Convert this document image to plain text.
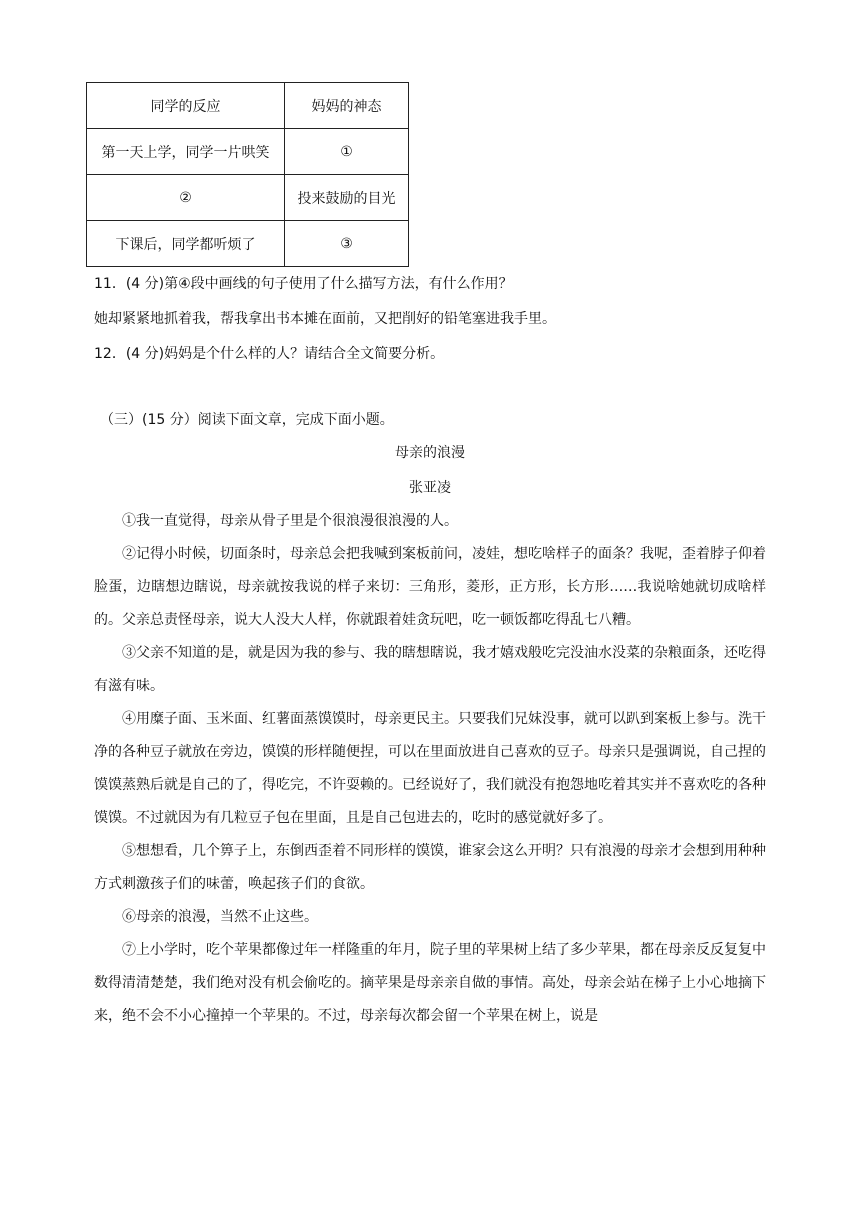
同学的反应	妈妈的神态
第一天上学，同学一片哄笑	①
②	投来鼓励的目光
下课后，同学都听烦了	③
11．(4 分)第④段中画线的句子使用了什么描写方法，有什么作用？
她却紧紧地抓着我，帮我拿出书本摊在面前，又把削好的铅笔塞进我手里。
12．(4 分)妈妈是个什么样的人？请结合全文简要分析。
（三）(15 分）阅读下面文章，完成下面小题。
母亲的浪漫
张亚凌

①我一直觉得，母亲从骨子里是个很浪漫很浪漫的人。

②记得小时候，切面条时，母亲总会把我喊到案板前问，凌娃，想吃啥样子的面条？我呢，歪着脖子仰着脸蛋，边瞎想边瞎说，母亲就按我说的样子来切：三角形，菱形，正方形，长方形……我说啥她就切成啥样的。父亲总责怪母亲，说大人没大人样，你就跟着娃贪玩吧，吃一顿饭都吃得乱七八糟。

③父亲不知道的是，就是因为我的参与、我的瞎想瞎说，我才嬉戏般吃完没油水没菜的杂粮面条，还吃得有滋有味。

④用糜子面、玉米面、红薯面蒸馍馍时，母亲更民主。只要我们兄妹没事，就可以趴到案板上参与。洗干净的各种豆子就放在旁边，馍馍的形样随便捏，可以在里面放进自己喜欢的豆子。母亲只是强调说，自己捏的馍馍蒸熟后就是自己的了，得吃完，不许耍赖的。已经说好了，我们就没有抱怨地吃着其实并不喜欢吃的各种馍馍。不过就因为有几粒豆子包在里面，且是自己包进去的，吃时的感觉就好多了。

⑤想想看，几个箅子上，东倒西歪着不同形样的馍馍，谁家会这么开明？只有浪漫的母亲才会想到用种种方式刺激孩子们的味蕾，唤起孩子们的食欲。

⑥母亲的浪漫，当然不止这些。

⑦上小学时，吃个苹果都像过年一样隆重的年月，院子里的苹果树上结了多少苹果，都在母亲反反复复中数得清清楚楚，我们绝对没有机会偷吃的。摘苹果是母亲亲自做的事情。高处，母亲会站在梯子上小心地摘下来，绝不会不小心撞掉一个苹果的。不过，母亲每次都会留一个苹果在树上，说是
